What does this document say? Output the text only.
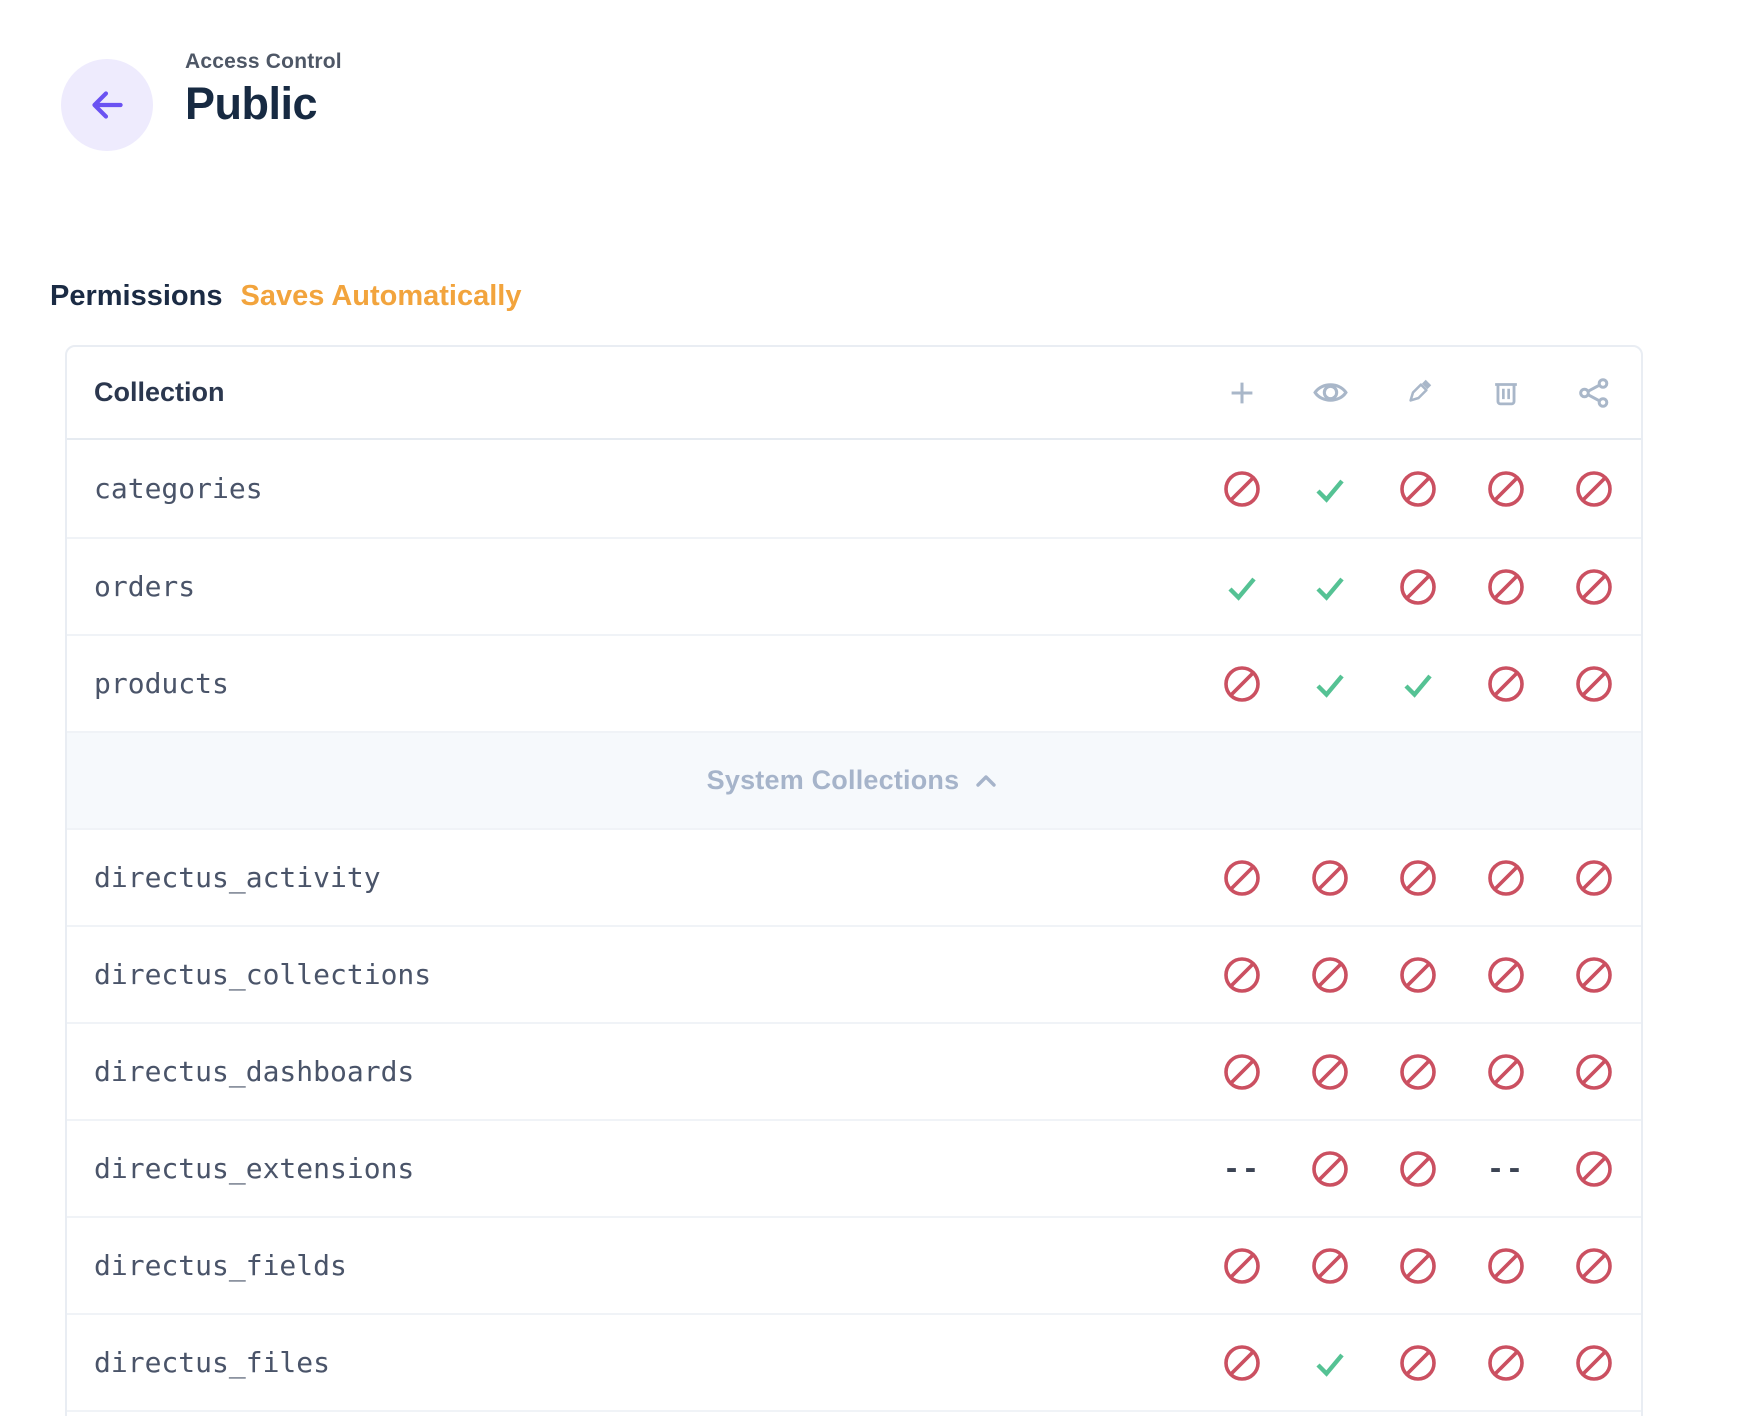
Access Control
Public
Permissions Saves Automatically
Collection
categories
orders
products
System Collections
directus_activity
directus_collections
directus_dashboards
directus_extensions	--	--
directus_fields
directus_files
